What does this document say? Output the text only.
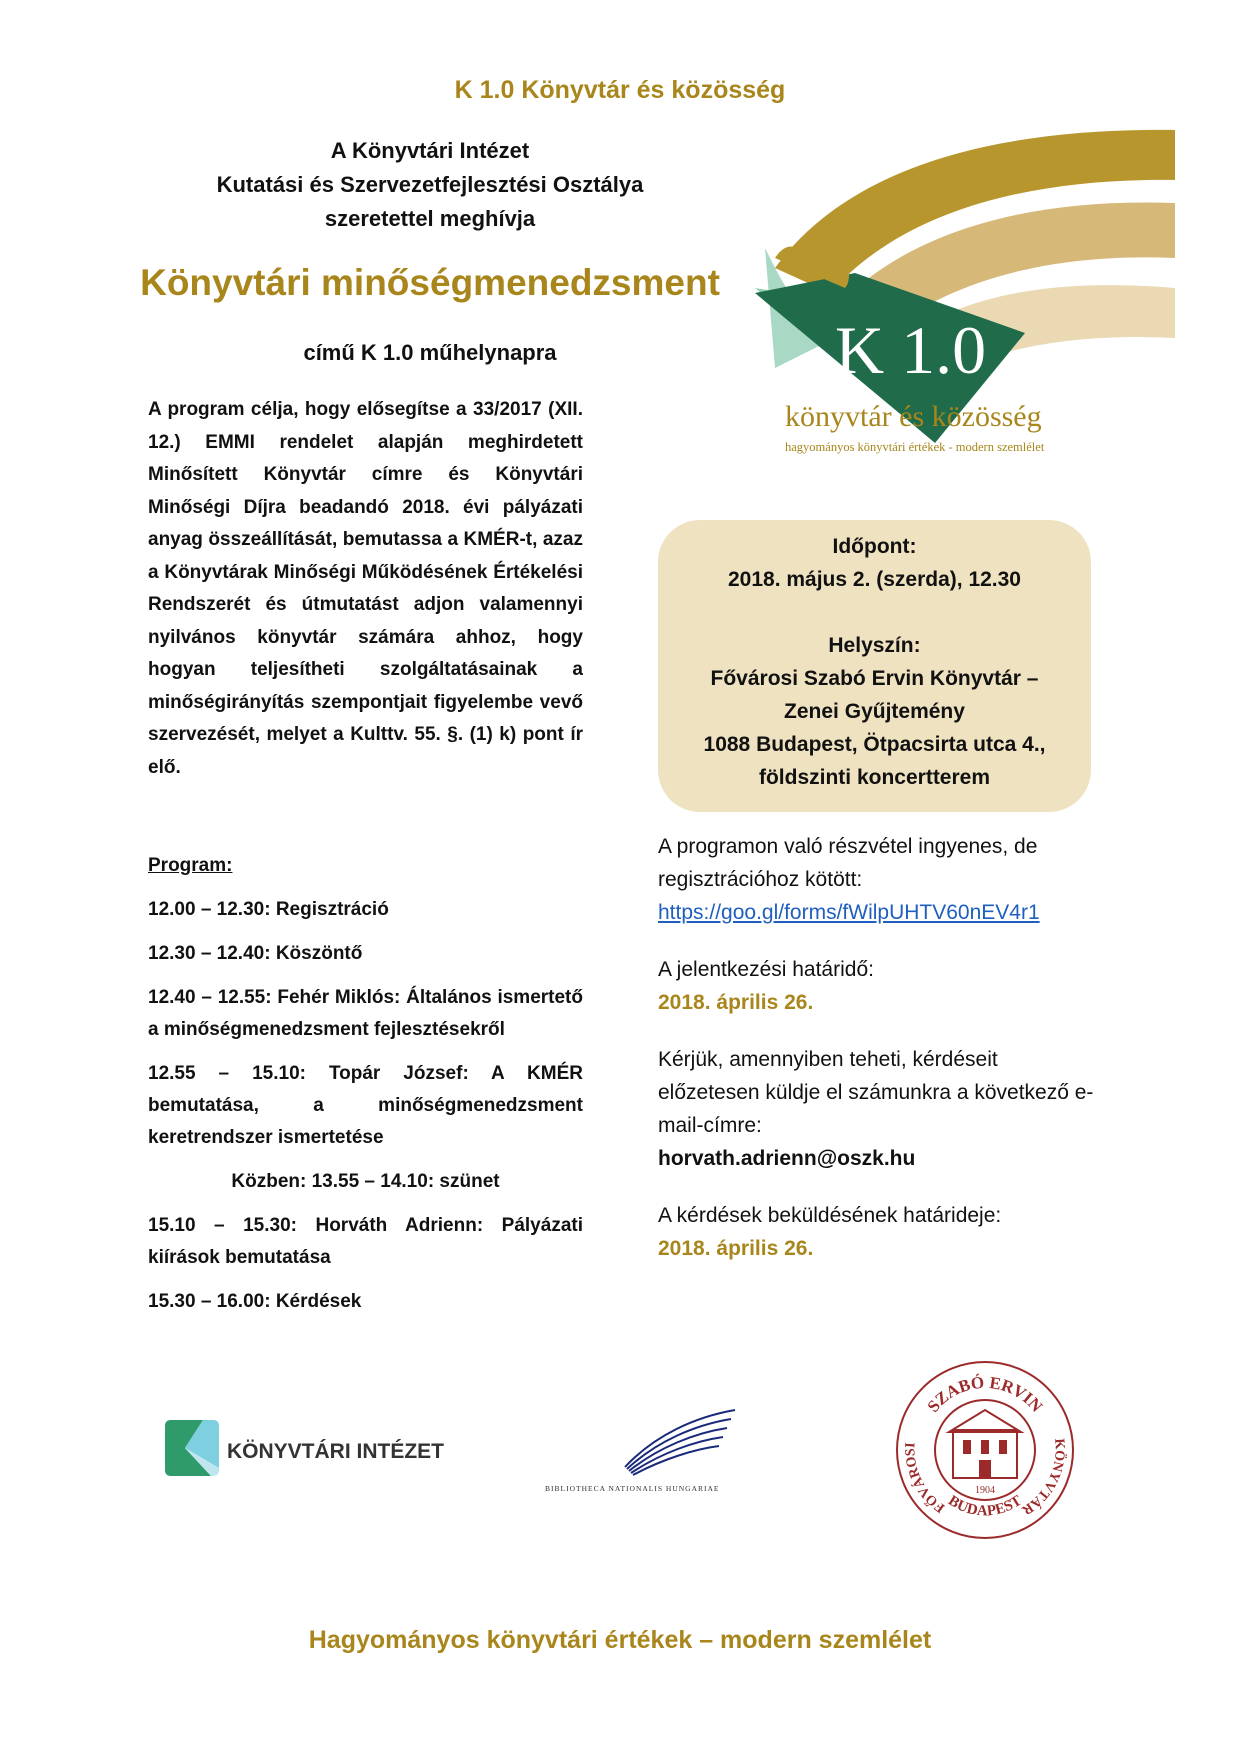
K 1.0 Könyvtár és közösség
A Könyvtári Intézet
Kutatási és Szervezetfejlesztési Osztálya
szeretettel meghívja
Könyvtári minőségmenedzsment
című K 1.0 műhelynapra
A program célja, hogy elősegítse a 33/2017 (XII. 12.) EMMI rendelet alapján meghirdetett Minősített Könyvtár címre és Könyvtári Minőségi Díjra beadandó 2018. évi pályázati anyag összeállítását, bemutassa a KMÉR-t, azaz a Könyvtárak Minőségi Működésének Értékelési Rendszerét és útmutatást adjon valamennyi nyilvános könyvtár számára ahhoz, hogy hogyan teljesítheti szolgáltatásainak a minőségirányítás szempontjait figyelembe vevő szervezését, melyet a Kulttv. 55. §. (1) k) pont ír elő.
Program:
12.00 – 12.30: Regisztráció
12.30 – 12.40: Köszöntő
12.40 – 12.55: Fehér Miklós: Általános ismertető a minőségmenedzsment fejlesztésekről
12.55 – 15.10: Topár József: A KMÉR bemutatása, a minőségmenedzsment keretrendszer ismertetése
Közben: 13.55 – 14.10: szünet
15.10 – 15.30: Horváth Adrienn: Pályázati kiírások bemutatása
15.30 – 16.00: Kérdések
K 1.0
könyvtár és közösség
hagyományos könyvtári értékek - modern szemlélet
Időpont:
2018. május 2. (szerda), 12.30
Helyszín:
Fővárosi Szabó Ervin Könyvtár –
Zenei Gyűjtemény
1088 Budapest, Ötpacsirta utca 4.,
földszinti koncertterem
A programon való részvétel ingyenes, de regisztrációhoz kötött:
https://goo.gl/forms/fWilpUHTV60nEV4r1
A jelentkezési határidő:
2018. április 26.
Kérjük, amennyiben teheti, kérdéseit előzetesen küldje el számunkra a következő e-mail-címre:
horvath.adrienn@oszk.hu
A kérdések beküldésének határideje:
2018. április 26.
KÖNYVTÁRI INTÉZET
BIBLIOTHECA NATIONALIS HUNGARIAE
SZABÓ ERVIN
FŐVÁROSI	KÖNYVTÁR
BUDAPEST
1904
Hagyományos könyvtári értékek – modern szemlélet
